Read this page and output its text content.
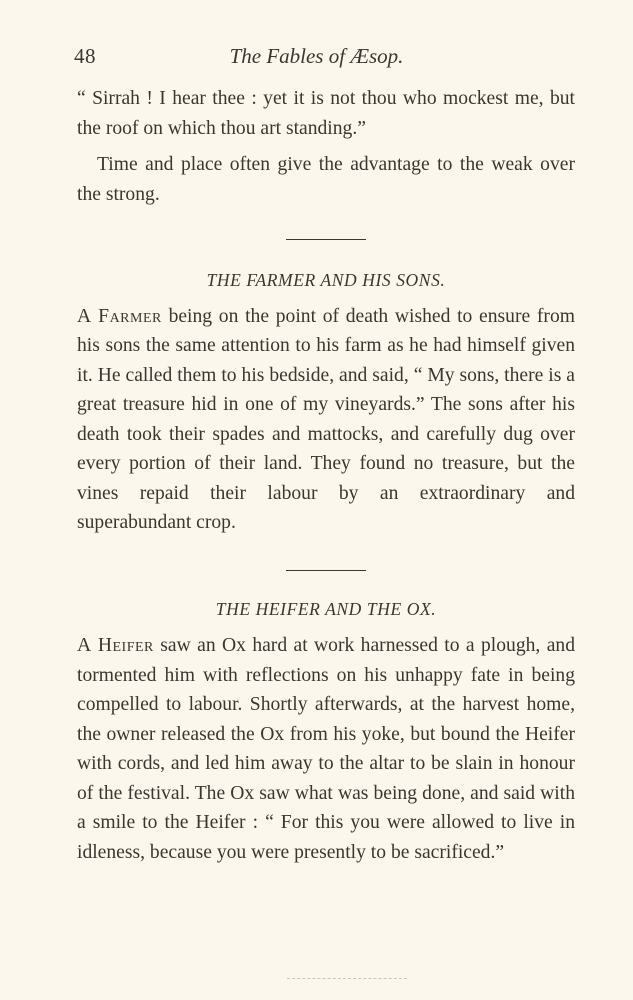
48	The Fables of Æsop.

“ Sirrah ! I hear thee : yet it is not thou who mockest me, but the roof on which thou art standing.”

Time and place often give the advantage to the weak over the strong.

THE FARMER AND HIS SONS.

A Farmer being on the point of death wished to ensure from his sons the same attention to his farm as he had himself given it. He called them to his bedside, and said, “ My sons, there is a great treasure hid in one of my vineyards.” The sons after his death took their spades and mattocks, and carefully dug over every portion of their land. They found no treasure, but the vines repaid their labour by an extraordinary and superabundant crop.

THE HEIFER AND THE OX.

A Heifer saw an Ox hard at work harnessed to a plough, and tormented him with reflections on his unhappy fate in being compelled to labour. Shortly afterwards, at the harvest home, the owner released the Ox from his yoke, but bound the Heifer with cords, and led him away to the altar to be slain in honour of the festival. The Ox saw what was being done, and said with a smile to the Heifer : “ For this you were allowed to live in idleness, because you were presently to be sacrificed.”
